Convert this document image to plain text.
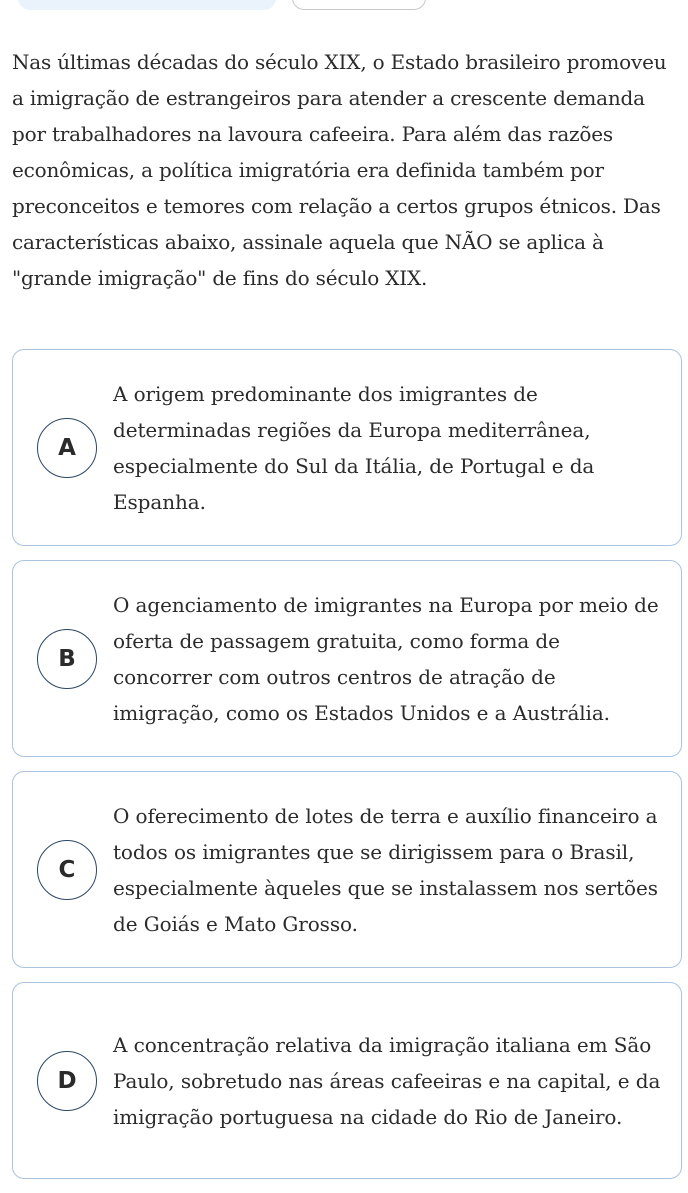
Nas últimas décadas do século XIX, o Estado brasileiro promoveu a imigração de estrangeiros para atender a crescente demanda por trabalhadores na lavoura cafeeira. Para além das razões econômicas, a política imigratória era definida também por preconceitos e temores com relação a certos grupos étnicos. Das características abaixo, assinale aquela que NÃO se aplica à "grande imigração" de fins do século XIX.

A
A origem predominante dos imigrantes de determinadas regiões da Europa mediterrânea, especialmente do Sul da Itália, de Portugal e da Espanha.
B
O agenciamento de imigrantes na Europa por meio de oferta de passagem gratuita, como forma de concorrer com outros centros de atração de imigração, como os Estados Unidos e a Austrália.
C
O oferecimento de lotes de terra e auxílio financeiro a todos os imigrantes que se dirigissem para o Brasil, especialmente àqueles que se instalassem nos sertões de Goiás e Mato Grosso.
D
A concentração relativa da imigração italiana em São Paulo, sobretudo nas áreas cafeeiras e na capital, e da imigração portuguesa na cidade do Rio de Janeiro.
